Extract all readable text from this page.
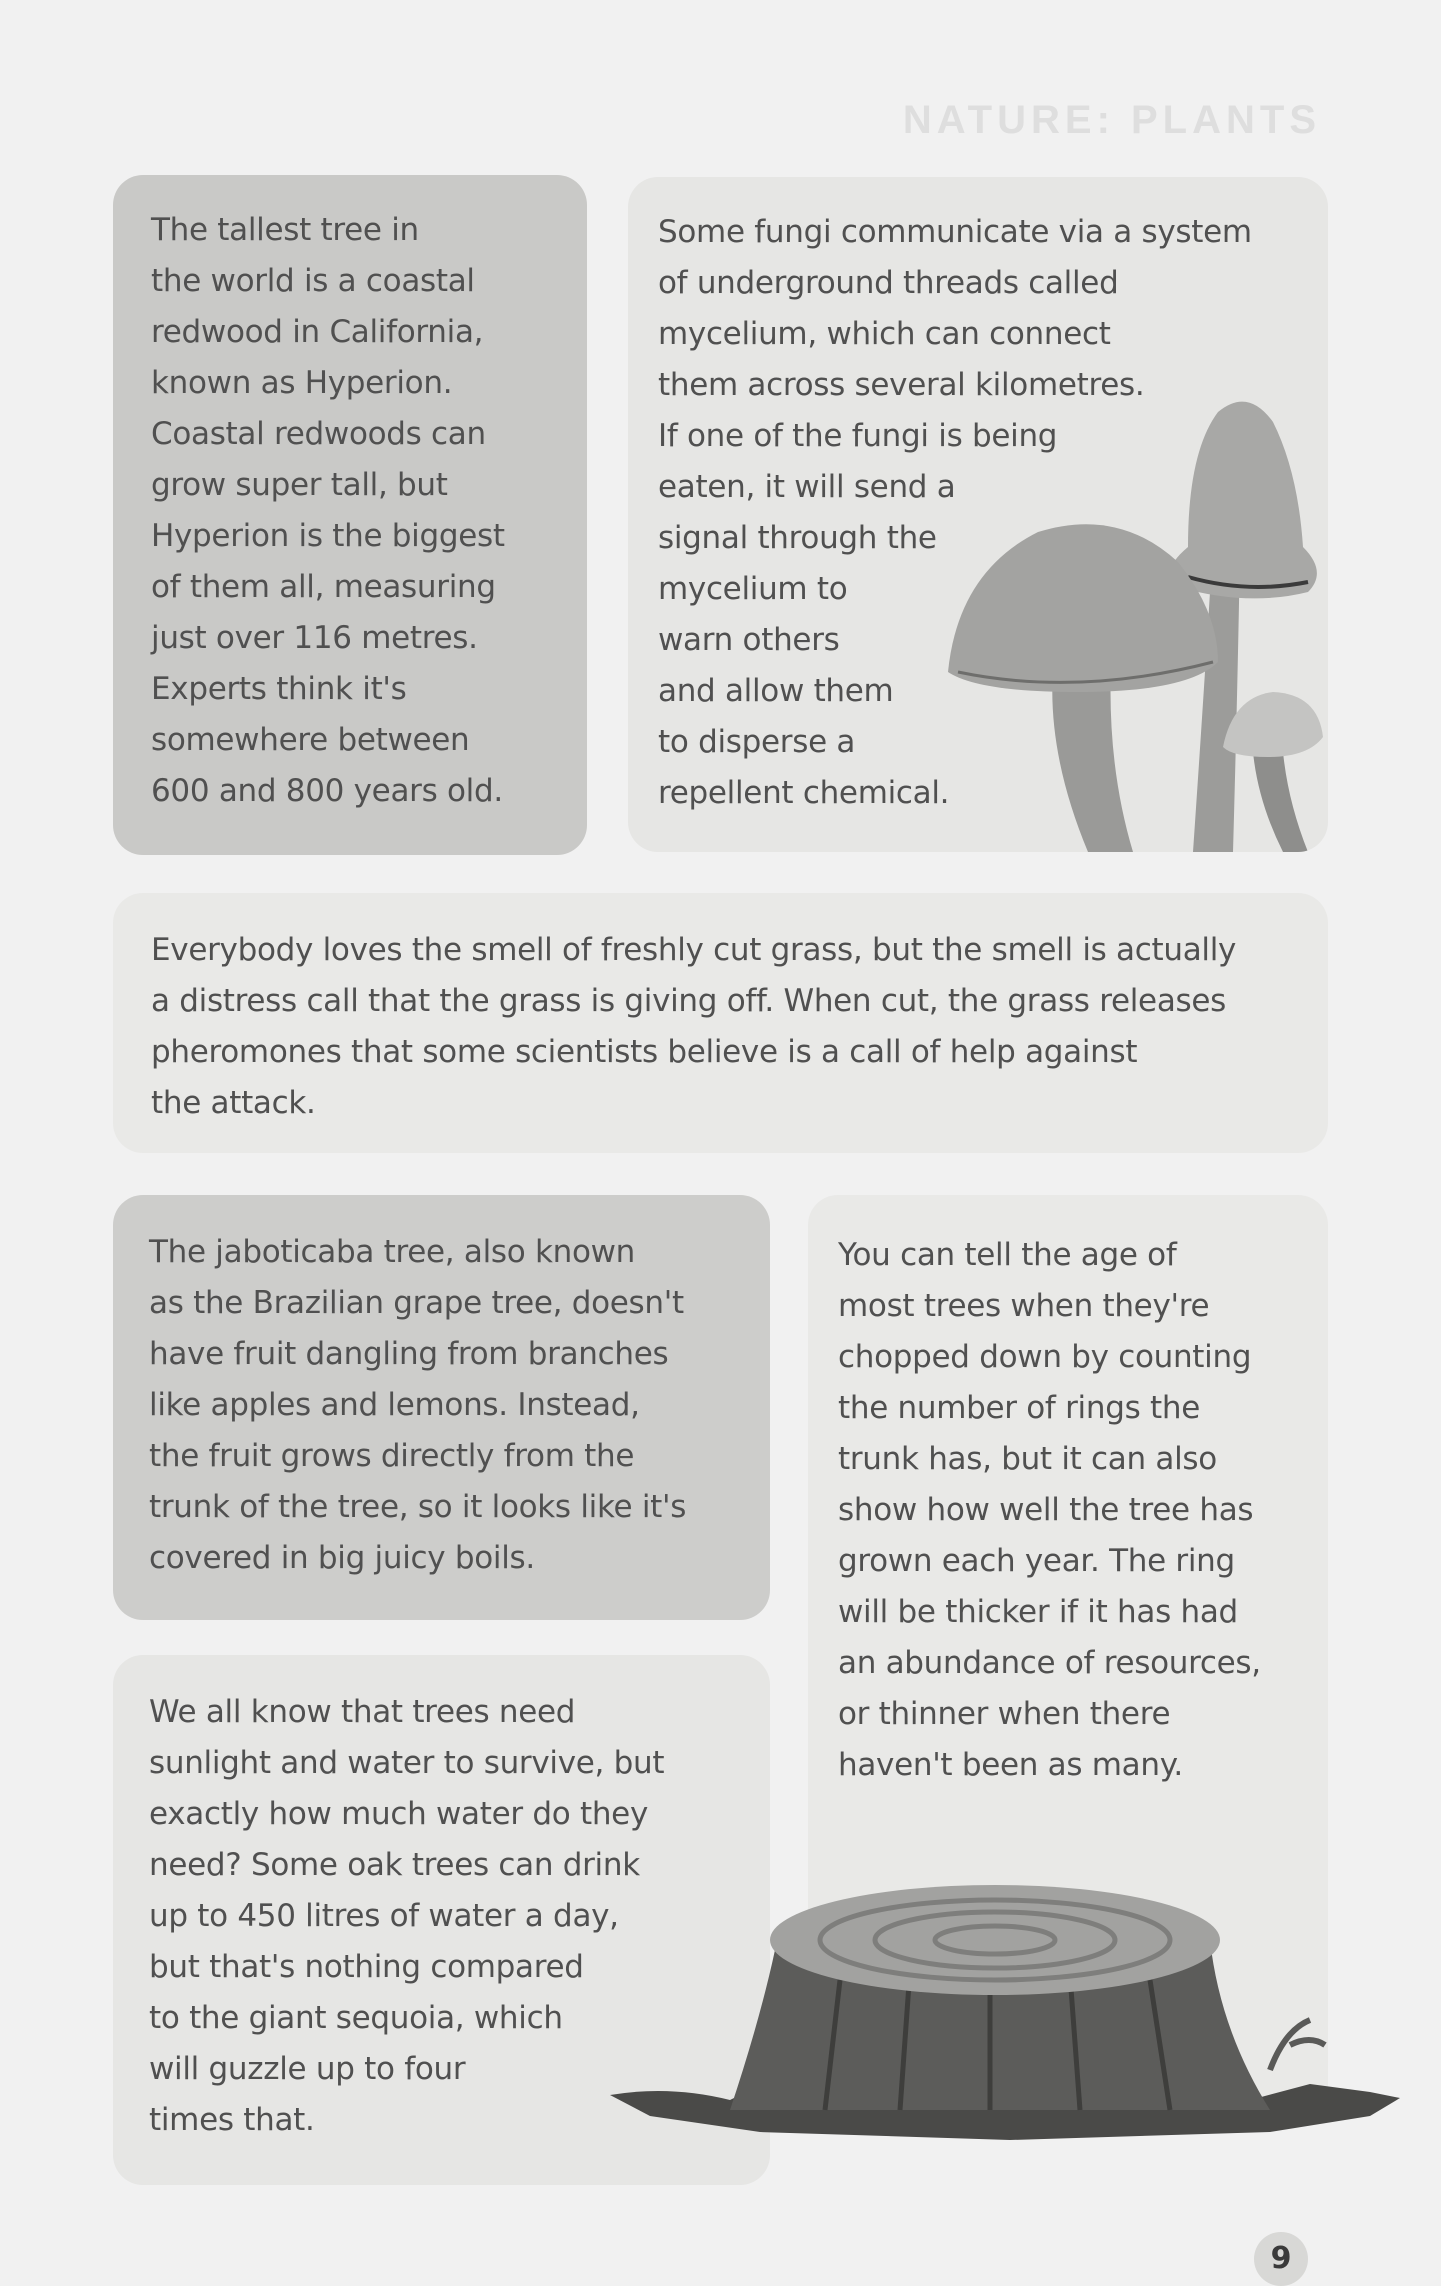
NATURE: PLANTS

The tallest tree in

the world is a coastal

redwood in California,

known as Hyperion.

Coastal redwoods can

grow super tall, but

Hyperion is the biggest

of them all, measuring

just over 116 metres.

Experts think it's

somewhere between

600 and 800 years old.

Some fungi communicate via a system

of underground threads called

mycelium, which can connect

them across several kilometres.

If one of the fungi is being

eaten, it will send a

signal through the

mycelium to

warn others

and allow them

to disperse a

repellent chemical.

Everybody loves the smell of freshly cut grass, but the smell is actually

a distress call that the grass is giving off. When cut, the grass releases

pheromones that some scientists believe is a call of help against

the attack.

The jaboticaba tree, also known

as the Brazilian grape tree, doesn't

have fruit dangling from branches

like apples and lemons. Instead,

the fruit grows directly from the

trunk of the tree, so it looks like it's

covered in big juicy boils.

We all know that trees need

sunlight and water to survive, but

exactly how much water do they

need? Some oak trees can drink

up to 450 litres of water a day,

but that's nothing compared

to the giant sequoia, which

will guzzle up to four

times that.

You can tell the age of

most trees when they're

chopped down by counting

the number of rings the

trunk has, but it can also

show how well the tree has

grown each year. The ring

will be thicker if it has had

an abundance of resources,

or thinner when there

haven't been as many.

9
